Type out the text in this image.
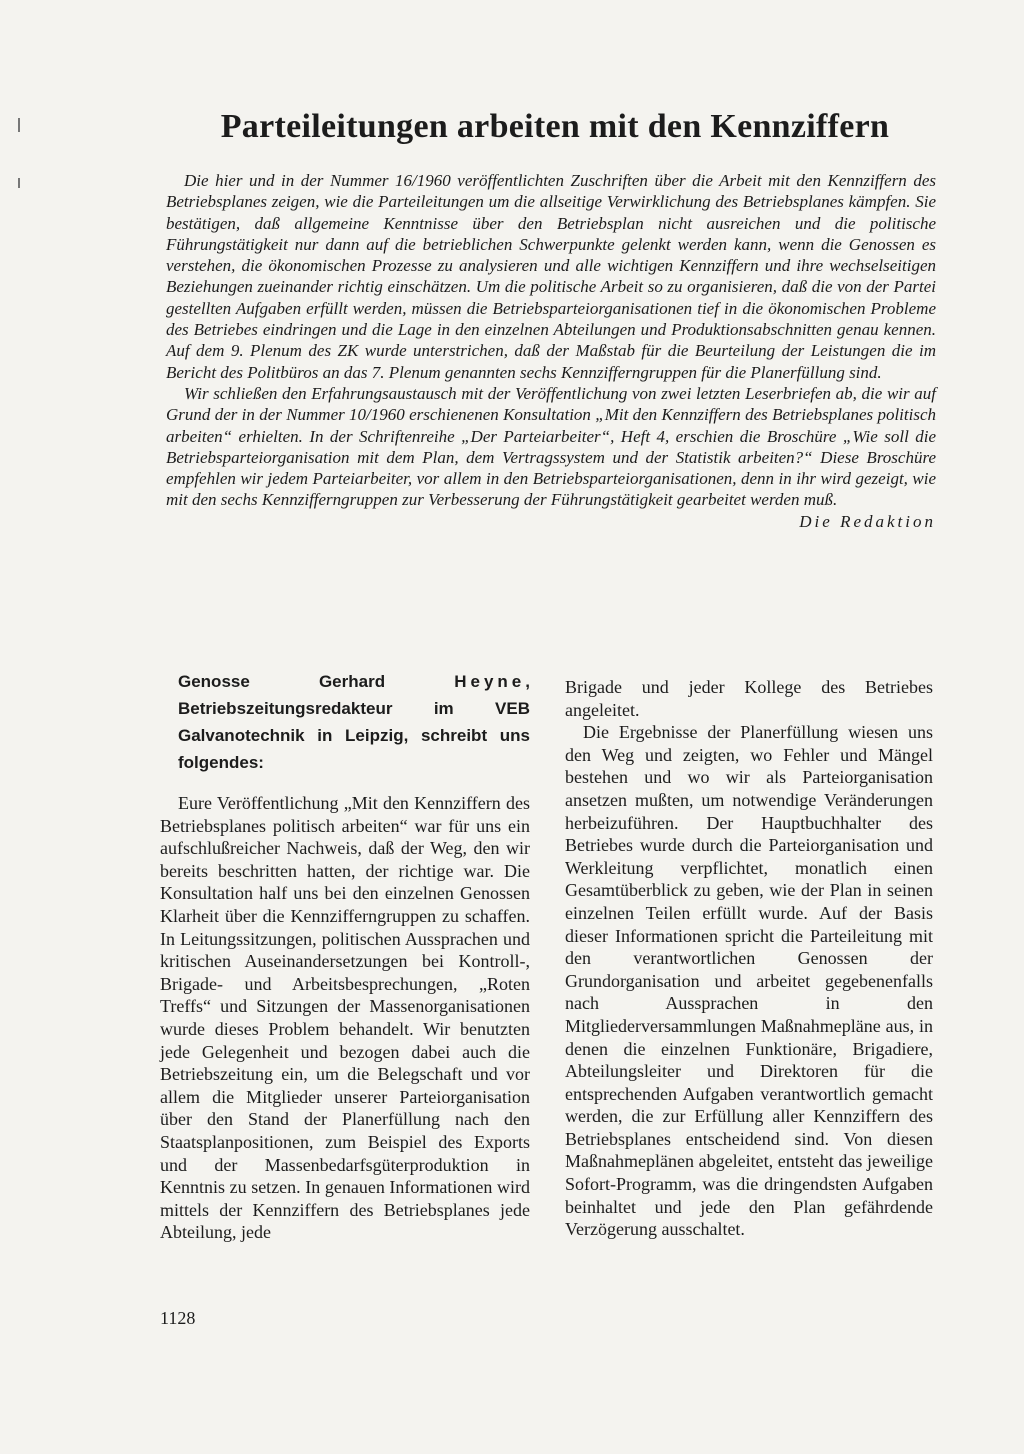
Parteileitungen arbeiten mit den Kennziffern

Die hier und in der Nummer 16/1960 veröffentlichten Zuschriften über die Arbeit mit den Kennziffern des Betriebsplanes zeigen, wie die Parteileitungen um die allseitige Verwirklichung des Betriebsplanes kämpfen. Sie bestätigen, daß allgemeine Kenntnisse über den Betriebsplan nicht ausreichen und die politische Führungstätigkeit nur dann auf die betrieblichen Schwerpunkte gelenkt werden kann, wenn die Genossen es verstehen, die ökonomischen Prozesse zu analysieren und alle wichtigen Kennziffern und ihre wechselseitigen Beziehungen zueinander richtig einschätzen. Um die politische Arbeit so zu organisieren, daß die von der Partei gestellten Aufgaben erfüllt werden, müssen die Betriebsparteiorganisationen tief in die ökonomischen Probleme des Betriebes eindringen und die Lage in den einzelnen Abteilungen und Produktionsabschnitten genau kennen. Auf dem 9. Plenum des ZK wurde unterstrichen, daß der Maßstab für die Beurteilung der Leistungen die im Bericht des Politbüros an das 7. Plenum genannten sechs Kennzifferngruppen für die Planerfüllung sind.

Wir schließen den Erfahrungsaustausch mit der Veröffentlichung von zwei letzten Leserbriefen ab, die wir auf Grund der in der Nummer 10/1960 erschienenen Konsultation „Mit den Kennziffern des Betriebsplanes politisch arbeiten“ erhielten. In der Schriftenreihe „Der Parteiarbeiter“, Heft 4, erschien die Broschüre „Wie soll die Betriebsparteiorganisation mit dem Plan, dem Vertragssystem und der Statistik arbeiten?“ Diese Broschüre empfehlen wir jedem Parteiarbeiter, vor allem in den Betriebsparteiorganisationen, denn in ihr wird gezeigt, wie mit den sechs Kennzifferngruppen zur Verbesserung der Führungstätigkeit gearbeitet werden muß.

Die Redaktion

Genosse Gerhard Heyne, Betriebszeitungsredakteur im VEB Galvanotechnik in Leipzig, schreibt uns folgendes:

Eure Veröffentlichung „Mit den Kennziffern des Betriebsplanes politisch arbeiten“ war für uns ein aufschlußreicher Nachweis, daß der Weg, den wir bereits beschritten hatten, der richtige war. Die Konsultation half uns bei den einzelnen Genossen Klarheit über die Kennzifferngruppen zu schaffen. In Leitungssitzungen, politischen Aussprachen und kritischen Auseinandersetzungen bei Kontroll-, Brigade- und Arbeitsbesprechungen, „Roten Treffs“ und Sitzungen der Massenorganisationen wurde dieses Problem behandelt. Wir benutzten jede Gelegenheit und bezogen dabei auch die Betriebszeitung ein, um die Belegschaft und vor allem die Mitglieder unserer Parteiorganisation über den Stand der Planerfüllung nach den Staatsplanpositionen, zum Beispiel des Exports und der Massenbedarfsgüterproduktion in Kenntnis zu setzen. In genauen Informationen wird mittels der Kennziffern des Betriebsplanes jede Abteilung, jede

Brigade und jeder Kollege des Betriebes angeleitet.

Die Ergebnisse der Planerfüllung wiesen uns den Weg und zeigten, wo Fehler und Mängel bestehen und wo wir als Parteiorganisation ansetzen mußten, um notwendige Veränderungen herbeizuführen. Der Hauptbuchhalter des Betriebes wurde durch die Parteiorganisation und Werkleitung verpflichtet, monatlich einen Gesamtüberblick zu geben, wie der Plan in seinen einzelnen Teilen erfüllt wurde. Auf der Basis dieser Informationen spricht die Parteileitung mit den verantwortlichen Genossen der Grundorganisation und arbeitet gegebenenfalls nach Aussprachen in den Mitgliederversammlungen Maßnahmepläne aus, in denen die einzelnen Funktionäre, Brigadiere, Abteilungsleiter und Direktoren für die entsprechenden Aufgaben verantwortlich gemacht werden, die zur Erfüllung aller Kennziffern des Betriebsplanes entscheidend sind. Von diesen Maßnahmeplänen abgeleitet, entsteht das jeweilige Sofort-Programm, was die dringendsten Aufgaben beinhaltet und jede den Plan gefährdende Verzögerung ausschaltet.

1128
